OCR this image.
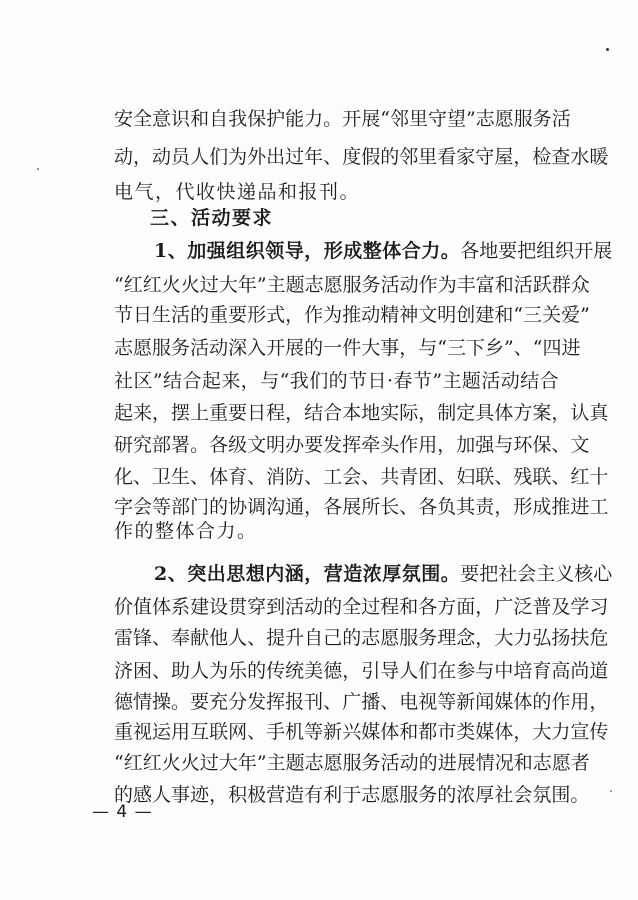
安 全 意 识 和 自 我 保 护 能 力 。 开 展 “ 邻 里 守 望 ” 志 愿 服 务 活
动 ， 动 员 人 们 为 外 出 过 年 、 度 假 的 邻 里 看 家 守 屋 ， 检 查 水 暖
电气，代收快递品和报刊。
三、活动要求
1、加强组织领导，形成整体合力。 各地要把组织开展
“ 红 红 火 火 过 大 年 ” 主 题 志 愿 服 务 活 动 作 为 丰 富 和 活 跃 群 众
节 日 生 活 的 重 要 形 式 ， 作 为 推 动 精 神 文 明 创 建 和 “ 三 关 爱 ”
志 愿 服 务 活 动 深 入 开 展 的 一 件 大 事 ， 与 “ 三 下 乡 ” 、 “ 四 进
社 区 ” 结 合 起 来 ， 与 “ 我 们 的 节 日 · 春 节 ” 主 题 活 动 结 合
起 来 ， 摆 上 重 要 日 程 ， 结 合 本 地 实 际 ， 制 定 具 体 方 案 ， 认 真
研 究 部 署 。 各 级 文 明 办 要 发 挥 牵 头 作 用 ， 加 强 与 环 保 、 文
化 、 卫 生 、 体 育 、 消 防 、 工 会 、 共 青 团 、 妇 联 、 残 联 、 红 十
字 会 等 部 门 的 协 调 沟 通 ， 各 展 所 长 、 各 负 其 责 ， 形 成 推 进 工
作的整体合力。
2、突出思想内涵，营造浓厚氛围。 要把社会主义核心
价 值 体 系 建 设 贯 穿 到 活 动 的 全 过 程 和 各 方 面 ， 广 泛 普 及 学 习
雷 锋 、 奉 献 他 人 、 提 升 自 己 的 志 愿 服 务 理 念 ， 大 力 弘 扬 扶 危
济 困 、 助 人 为 乐 的 传 统 美 德 ， 引 导 人 们 在 参 与 中 培 育 高 尚 道
德 情 操 。 要 充 分 发 挥 报 刊 、 广 播 、 电 视 等 新 闻 媒 体 的 作 用 ，
重 视 运 用 互 联 网 、 手 机 等 新 兴 媒 体 和 都 市 类 媒 体 ， 大 力 宣 传
“ 红 红 火 火 过 大 年 ” 主 题 志 愿 服 务 活 动 的 进 展 情 况 和 志 愿 者
的 感 人 事 迹 ， 积 极 营 造 有 利 于 志 愿 服 务 的 浓 厚 社 会 氛 围 。
— 4 —
